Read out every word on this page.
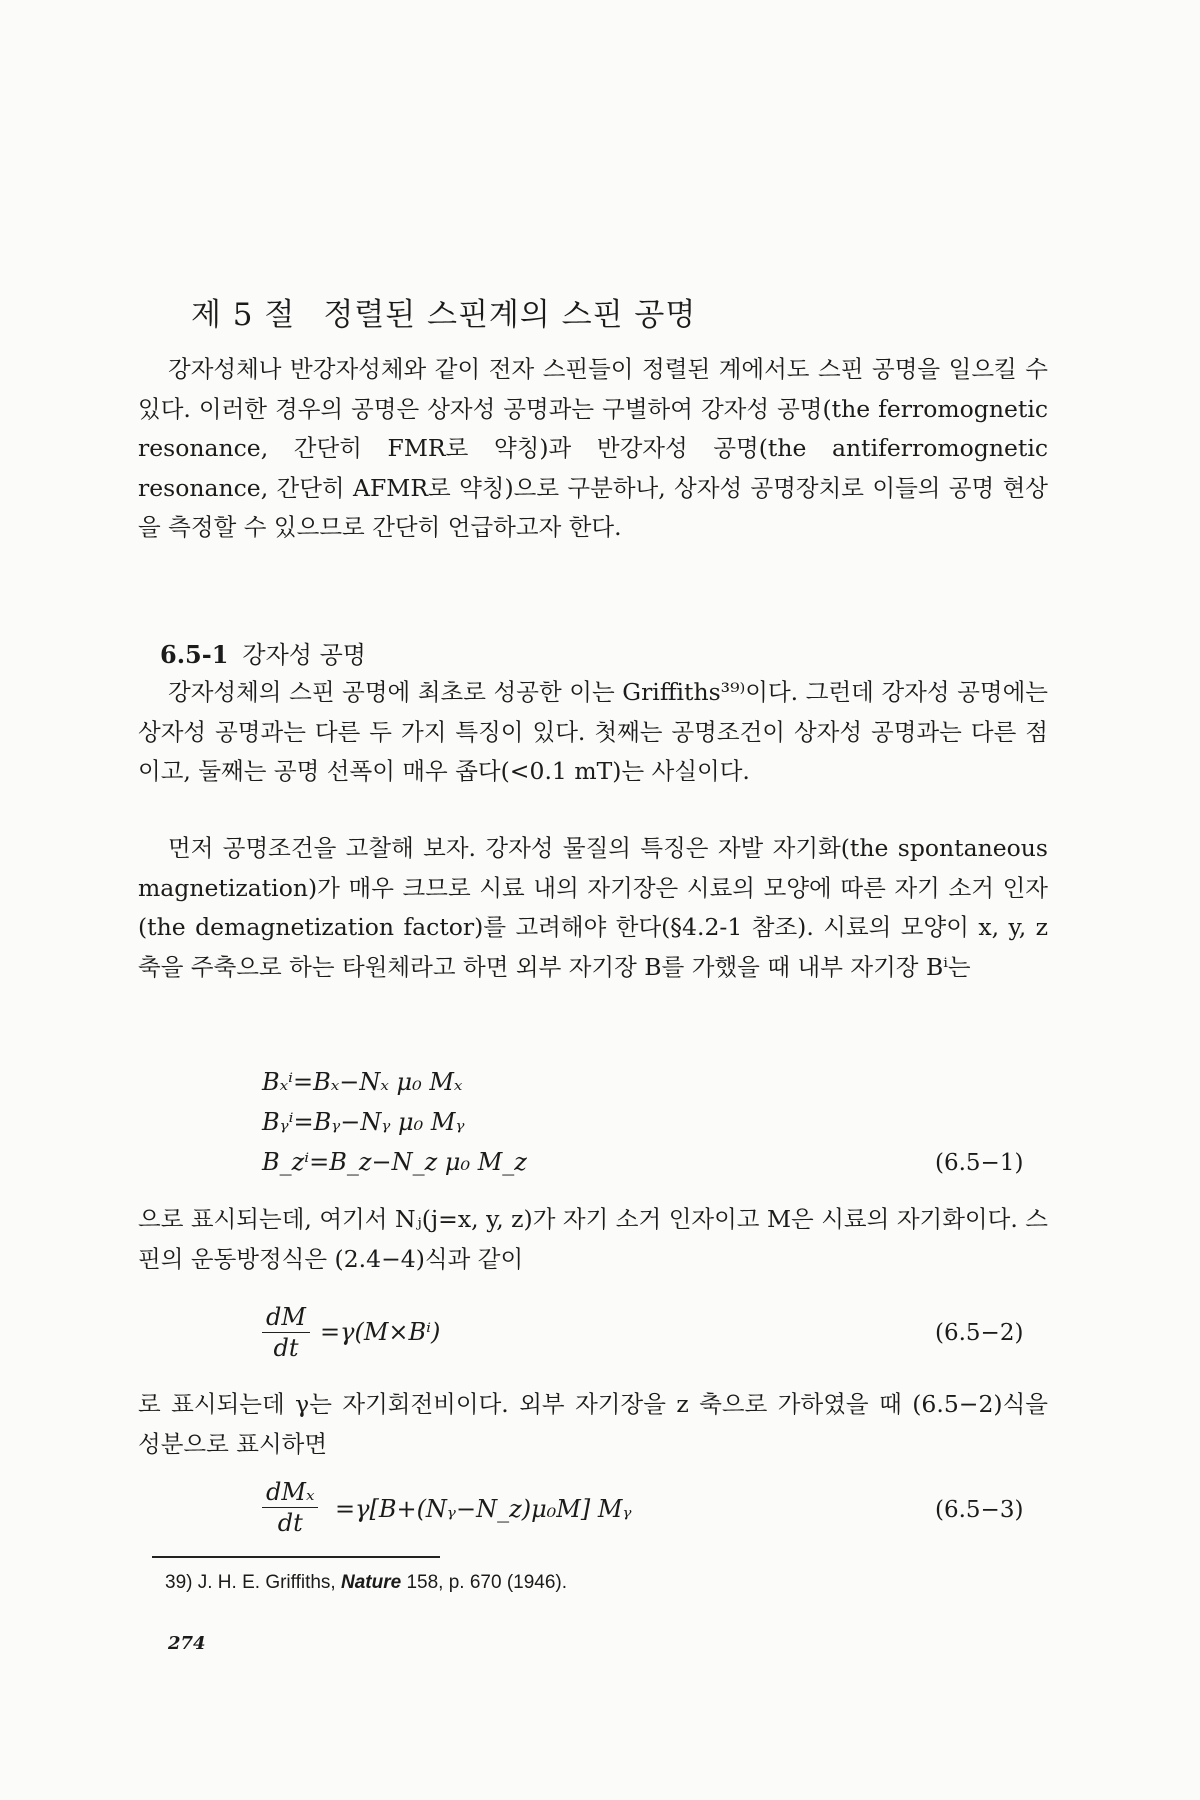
제 5 절 정렬된 스핀계의 스핀 공명

강자성체나 반강자성체와 같이 전자 스핀들이 정렬된 계에서도 스핀 공명을 일으킬 수 있다. 이러한 경우의 공명은 상자성 공명과는 구별하여 강자성 공명(the ferromognetic resonance, 간단히 FMR로 약칭)과 반강자성 공명(the antiferromognetic resonance, 간단히 AFMR로 약칭)으로 구분하나, 상자성 공명장치로 이들의 공명 현상을 측정할 수 있으므로 간단히 언급하고자 한다.

6.5-1 강자성 공명

강자성체의 스핀 공명에 최초로 성공한 이는 Griffiths³⁹⁾이다. 그런데 강자성 공명에는 상자성 공명과는 다른 두 가지 특징이 있다. 첫째는 공명조건이 상자성 공명과는 다른 점이고, 둘째는 공명 선폭이 매우 좁다(<0.1 mT)는 사실이다.

먼저 공명조건을 고찰해 보자. 강자성 물질의 특징은 자발 자기화(the spontaneous magnetization)가 매우 크므로 시료 내의 자기장은 시료의 모양에 따른 자기 소거 인자(the demagnetization factor)를 고려해야 한다(§4.2-1 참조). 시료의 모양이 x, y, z 축을 주축으로 하는 타원체라고 하면 외부 자기장 B를 가했을 때 내부 자기장 Bⁱ는

Bₓⁱ=Bₓ−Nₓ μ₀ Mₓ
Bᵧⁱ=Bᵧ−Nᵧ μ₀ Mᵧ
B_zⁱ=B_z−N_z μ₀ M_z	(6.5−1)

으로 표시되는데, 여기서 Nⱼ(j=x, y, z)가 자기 소거 인자이고 M은 시료의 자기화이다. 스핀의 운동방정식은 (2.4−4)식과 같이

$\frac{dM}{dt} =\gamma(M\times B^i)$	(6.5−2)

로 표시되는데 γ는 자기회전비이다. 외부 자기장을 z 축으로 가하였을 때 (6.5−2)식을 성분으로 표시하면

dMₓ
dt =γ[B+(Nᵧ−N_z)μ₀M] Mᵧ	(6.5−3)
39) J. H. E. Griffiths, Nature 158, p. 670 (1946).
274
